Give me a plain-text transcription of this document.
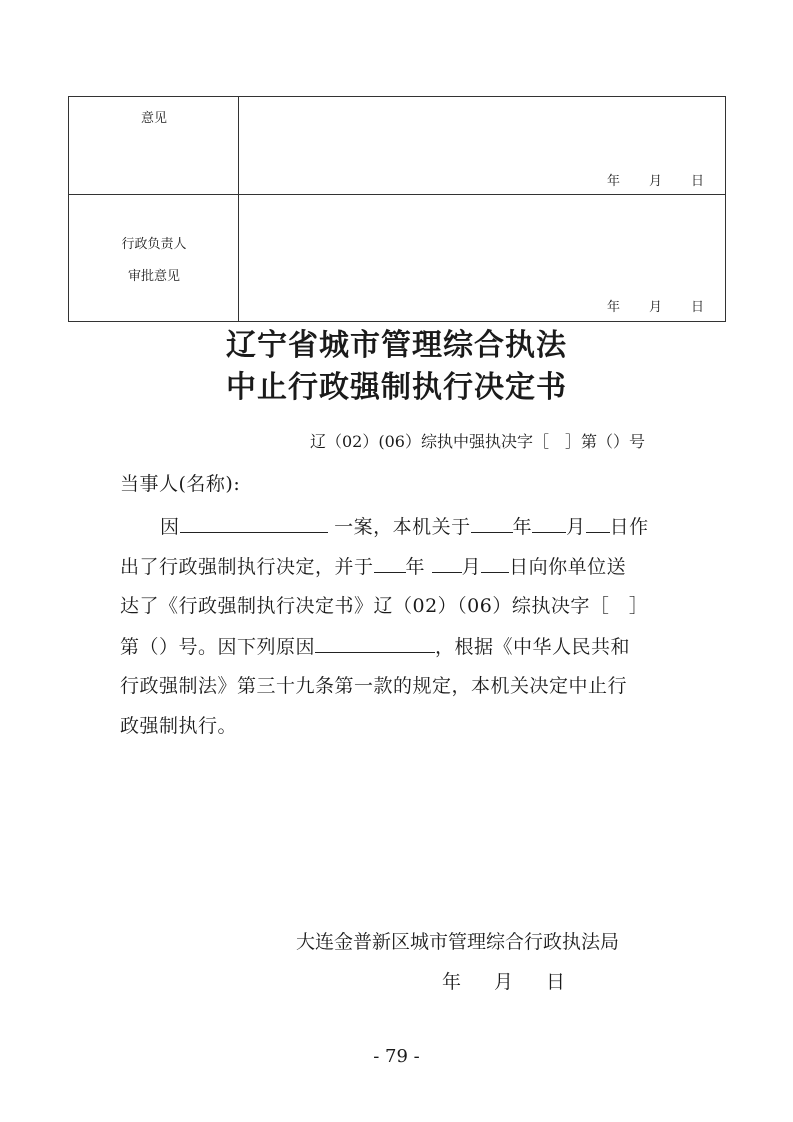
意见
年 月 日
行政负责人
审批意见
年 月 日
辽宁省城市管理综合执法
中止行政强制执行决定书
辽（02）(06）综执中强执决字［　］第（）号
当事人(名称):
因	一案，本机关于 年 月 日作
出了行政强制执行决定，并于 年 月 日向你单位送
达了《行政强制执行决定书》辽（02）（06）综执决字［　］
第（）号。因下列原因	，根据《中华人民共和
行政强制法》第三十九条第一款的规定，本机关决定中止行
政强制执行。
大连金普新区城市管理综合行政执法局
年 月 日
- 79 -
